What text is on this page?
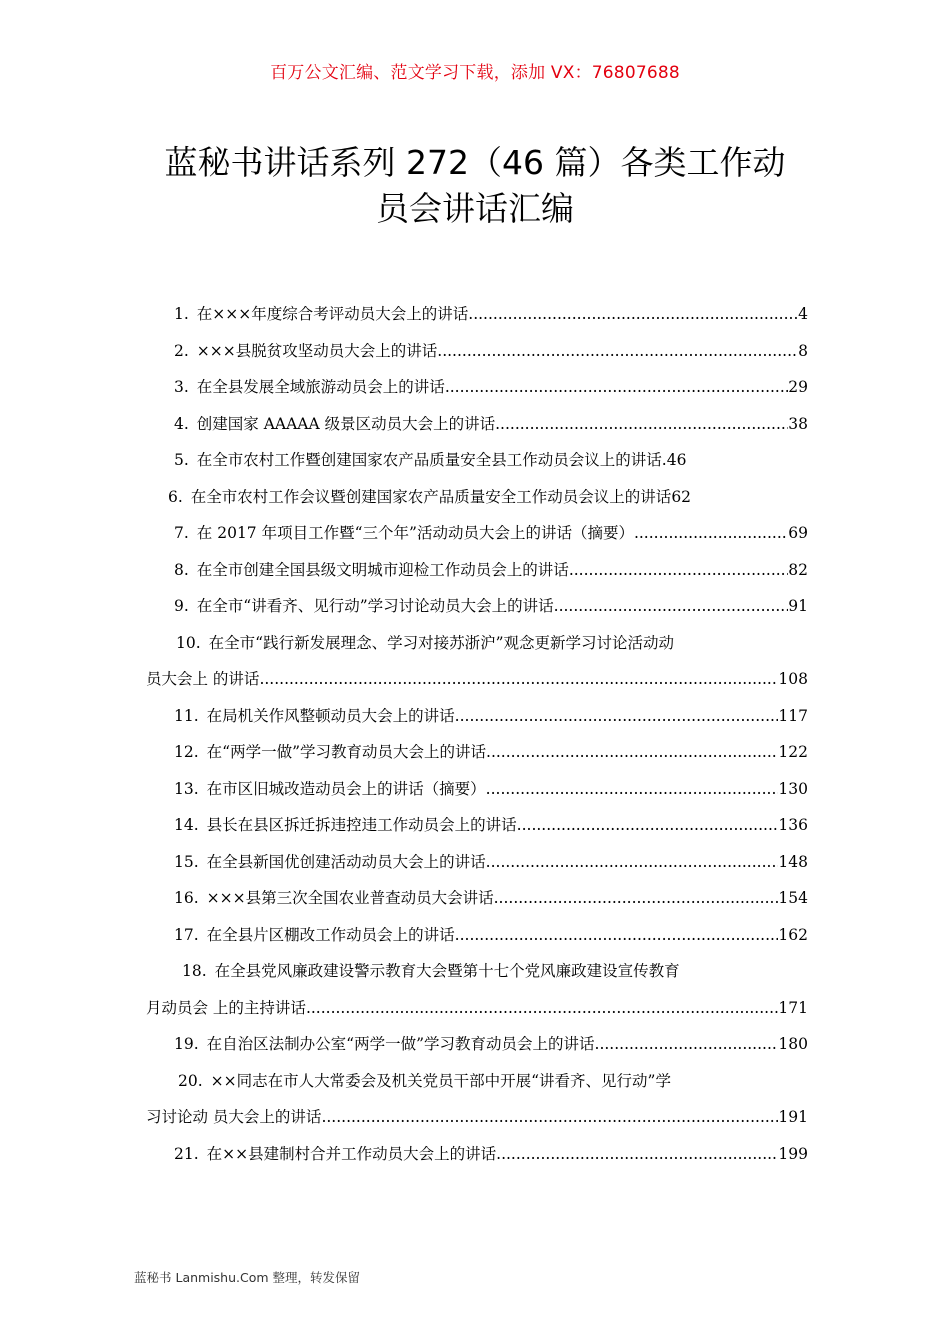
百万公文汇编、范文学习下载，添加 VX：76807688
蓝秘书讲话系列 272（46 篇）各类工作动
员会讲话汇编
1. 在×××年度综合考评动员大会上的讲话 .....	4
2. ×××县脱贫攻坚动员大会上的讲话 .....	8
3. 在全县发展全域旅游动员会上的讲话 .....	29
4. 创建国家 AAAAA 级景区动员大会上的讲话 .....	38
5. 在全市农村工作暨创建国家农产品质量安全县工作动员会议上的讲话. 46
6. 在全市农村工作会议暨创建国家农产品质量安全工作动员会议上的讲话 62
7. 在 2017 年项目工作暨“三个年”活动动员大会上的讲话（摘要） .....	69
8. 在全市创建全国县级文明城市迎检工作动员会上的讲话 .....	82
9. 在全市“讲看齐、见行动”学习讨论动员大会上的讲话 .....	91
10. 在全市“践行新发展理念、学习对接苏浙沪”观念更新学习讨论活动动
员大会上 的讲话 .....	108
11. 在局机关作风整顿动员大会上的讲话 .....	117
12. 在“两学一做”学习教育动员大会上的讲话 .....	122
13. 在市区旧城改造动员会上的讲话（摘要） .....	130
14. 县长在县区拆迁拆违控违工作动员会上的讲话 .....	136
15. 在全县新国优创建活动动员大会上的讲话 .....	148
16. ×××县第三次全国农业普查动员大会讲话 .....	154
17. 在全县片区棚改工作动员会上的讲话 .....	162
18. 在全县党风廉政建设警示教育大会暨第十七个党风廉政建设宣传教育
月动员会 上的主持讲话 .....	171
19. 在自治区法制办公室“两学一做”学习教育动员会上的讲话 .....	180
20. ××同志在市人大常委会及机关党员干部中开展“讲看齐、见行动”学
习讨论动 员大会上的讲话 .....	191
21. 在××县建制村合并工作动员大会上的讲话 .....	199
蓝秘书 Lanmishu.Com 整理，转发保留
